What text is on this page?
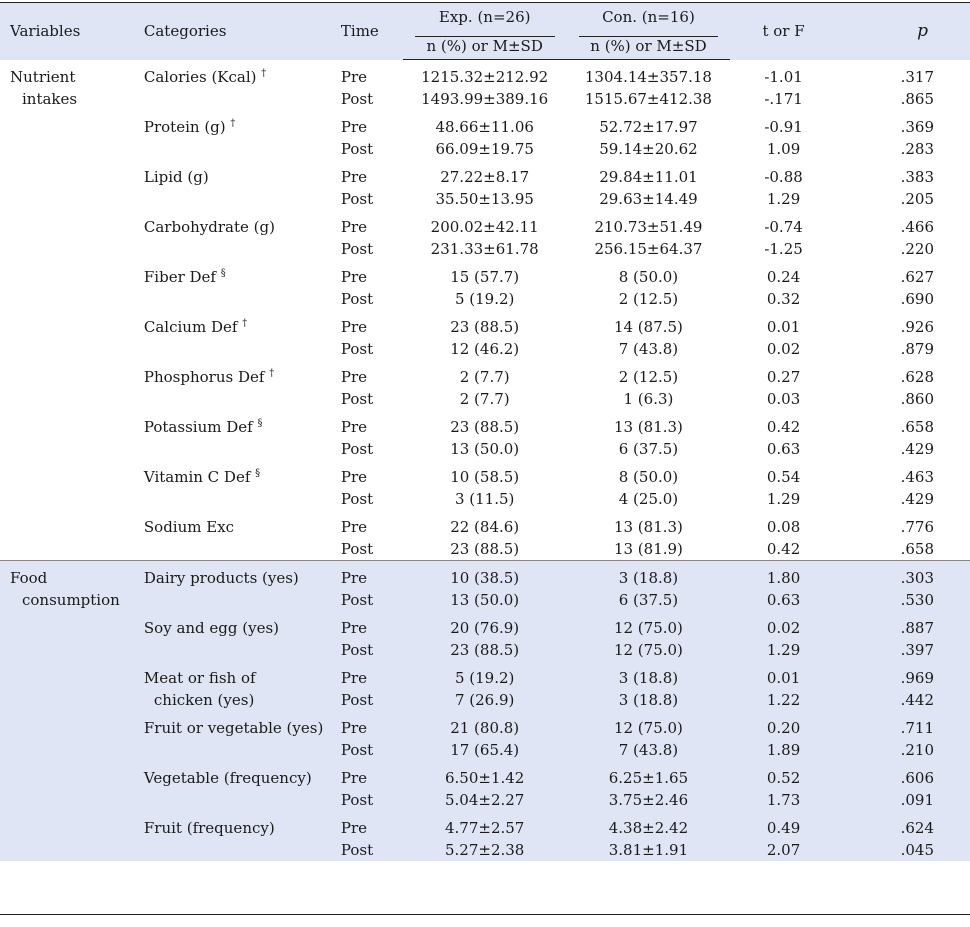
Variables	Categories	Time	Exp. (n=26)	Con. (n=16)	t or F	p

n (%) or M±SD	n (%) or M±SD		
Nutrient	Calories (Kcal) †	Pre	1215.32±212.92	1304.14±357.18	-1.01	.317
intakes		Post	1493.99±389.16	1515.67±412.38	-.171	.865
	Protein (g) †	Pre	48.66±11.06	52.72±17.97	-0.91	.369
		Post	66.09±19.75	59.14±20.62	1.09	.283
	Lipid (g)	Pre	27.22±8.17	29.84±11.01	-0.88	.383
		Post	35.50±13.95	29.63±14.49	1.29	.205
	Carbohydrate (g)	Pre	200.02±42.11	210.73±51.49	-0.74	.466
		Post	231.33±61.78	256.15±64.37	-1.25	.220
	Fiber Def §	Pre	15 (57.7)	8 (50.0)	0.24	.627
		Post	5 (19.2)	2 (12.5)	0.32	.690
	Calcium Def †	Pre	23 (88.5)	14 (87.5)	0.01	.926
		Post	12 (46.2)	7 (43.8)	0.02	.879
	Phosphorus Def †	Pre	2 (7.7)	2 (12.5)	0.27	.628
		Post	2 (7.7)	1 (6.3)	0.03	.860
	Potassium Def §	Pre	23 (88.5)	13 (81.3)	0.42	.658
		Post	13 (50.0)	6 (37.5)	0.63	.429
	Vitamin C Def §	Pre	10 (58.5)	8 (50.0)	0.54	.463
		Post	3 (11.5)	4 (25.0)	1.29	.429
	Sodium Exc	Pre	22 (84.6)	13 (81.3)	0.08	.776
		Post	23 (88.5)	13 (81.9)	0.42	.658

Food	Dairy products (yes)	Pre	10 (38.5)	3 (18.8)	1.80	.303
consumption		Post	13 (50.0)	6 (37.5)	0.63	.530
	Soy and egg (yes)	Pre	20 (76.9)	12 (75.0)	0.02	.887
		Post	23 (88.5)	12 (75.0)	1.29	.397
	Meat or fish of	Pre	5 (19.2)	3 (18.8)	0.01	.969
	chicken (yes)	Post	7 (26.9)	3 (18.8)	1.22	.442
	Fruit or vegetable (yes)	Pre	21 (80.8)	12 (75.0)	0.20	.711
		Post	17 (65.4)	7 (43.8)	1.89	.210
	Vegetable (frequency)	Pre	6.50±1.42	6.25±1.65	0.52	.606
		Post	5.04±2.27	3.75±2.46	1.73	.091
	Fruit (frequency)	Pre	4.77±2.57	4.38±2.42	0.49	.624
		Post	5.27±2.38	3.81±1.91	2.07	.045
